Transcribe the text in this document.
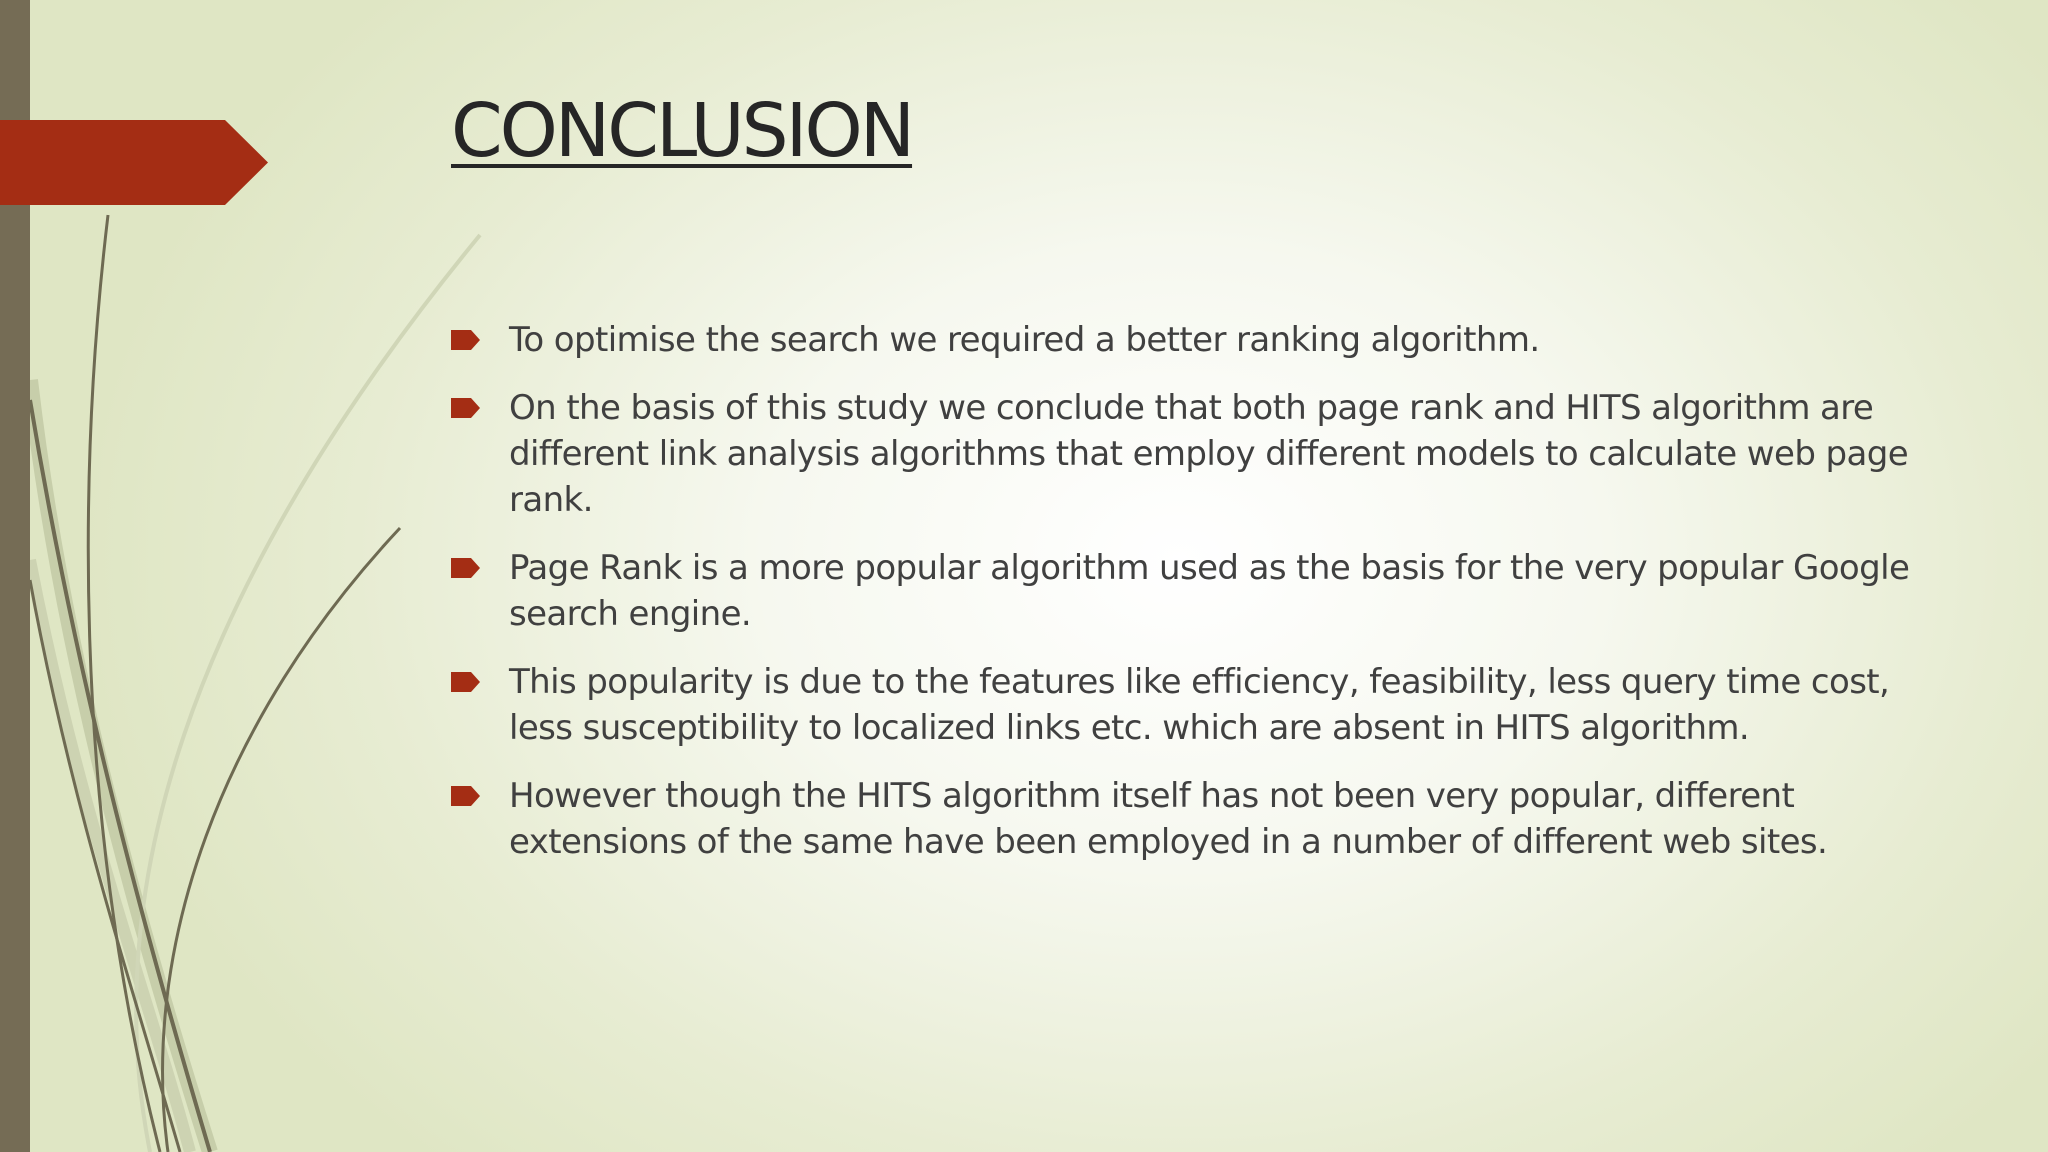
CONCLUSION
To optimise the search we required a better ranking algorithm.
On the basis of this study we conclude that both page rank and HITS algorithm are different link analysis algorithms that employ different models to calculate web page rank.
Page Rank is a more popular algorithm used as the basis for the very popular Google search engine.
This popularity is due to the features like efficiency, feasibility, less query time cost, less susceptibility to localized links etc. which are absent in HITS algorithm.
However though the HITS algorithm itself has not been very popular, different extensions of the same have been employed in a number of different web sites.
